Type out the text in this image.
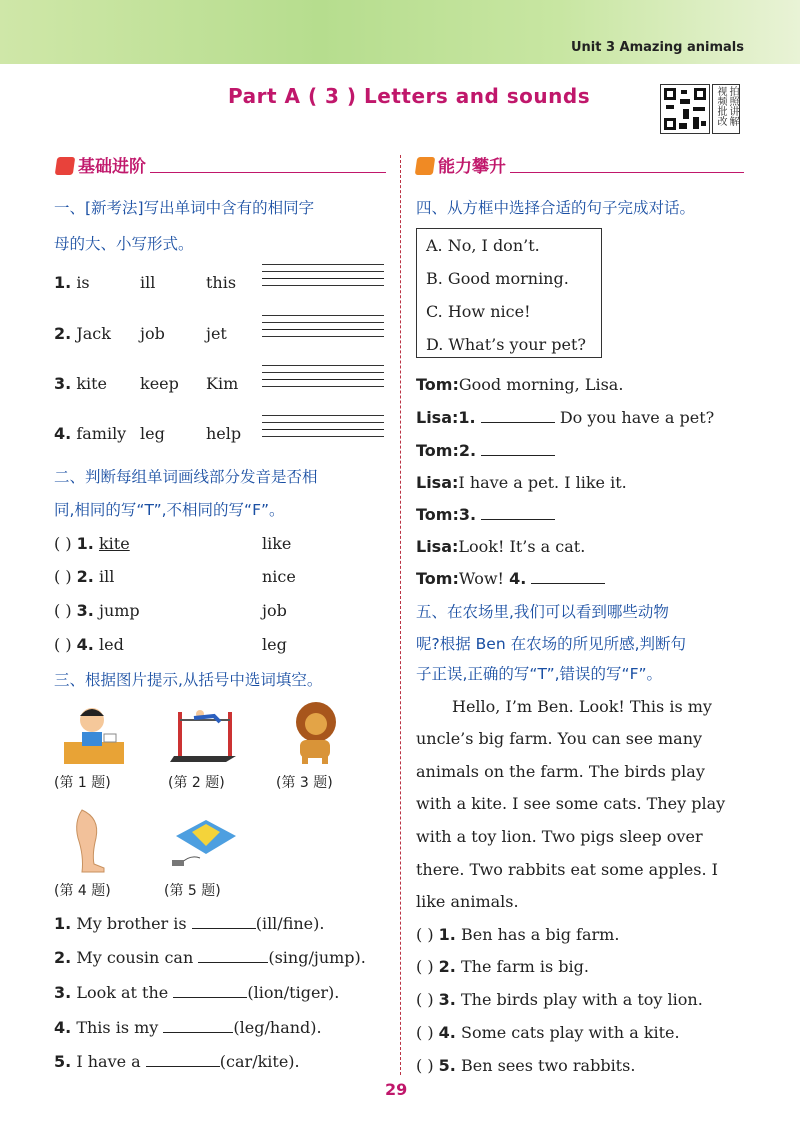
Unit 3 Amazing animals
Part A ( 3 ) Letters and sounds	拍照讲解视频批改
基础进阶	能力攀升
一、[新考法]写出单词中含有的相同字
母的大、小写形式。
1. is	ill	this
2. Jack job	jet
3. kite keep Kim
4. family leg	help
二、判断每组单词画线部分发音是否相
同,相同的写“T”,不相同的写“F”。
( ) 1. kite	like
( ) 2. ill	nice
( ) 3. jump	job
( ) 4. led	leg
三、根据图片提示,从括号中选词填空。
(第 1 题)	(第 2 题)	(第 3 题)
(第 4 题)	(第 5 题)
1. My brother is	(ill/fine).
2. My cousin can	(sing/jump).
3. Look at the	(lion/tiger).
4. This is my	(leg/hand).
5. I have a	(car/kite).
四、从方框中选择合适的句子完成对话。
A. No, I don’t.
B. Good morning.
C. How nice!
D. What’s your pet?
Tom:Good morning, Lisa.
Lisa:1.	Do you have a pet?
Tom:2.
Lisa:I have a pet. I like it.
Tom:3.
Lisa:Look! It’s a cat.
Tom:Wow! 4.
五、在农场里,我们可以看到哪些动物
呢?根据 Ben 在农场的所见所感,判断句
子正误,正确的写“T”,错误的写“F”。
Hello, I’m Ben. Look! This is my
uncle’s big farm. You can see many
animals on the farm. The birds play
with a kite. I see some cats. They play
with a toy lion. Two pigs sleep over
there. Two rabbits eat some apples. I
like animals.
( ) 1. Ben has a big farm.
( ) 2. The farm is big.
( ) 3. The birds play with a toy lion.
( ) 4. Some cats play with a kite.
( ) 5. Ben sees two rabbits.
29
